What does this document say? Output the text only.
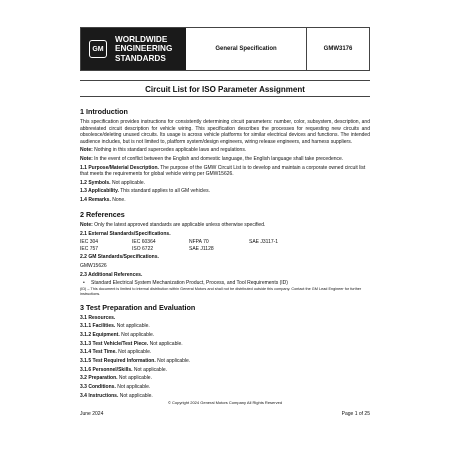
GM
WORLDWIDE
ENGINEERING
STANDARDS
General Specification	GMW3176
Circuit List for ISO Parameter Assignment

1 Introduction

This specification provides instructions for consistently determining circuit parameters: number, color, subsystem, description, and abbreviated circuit description for vehicle wiring. This specification describes the processes for requesting new circuits and obsolesce/deleting unused circuits. Its usage is across vehicle platforms for similar electrical devices and functions. The intended audience includes, but is not limited to, platform system/design engineers, wiring release engineers, and harness suppliers.

Note: Nothing in this standard supercedes applicable laws and regulations.

Note: In the event of conflict between the English and domestic language, the English language shall take precedence.

1.1 Purpose/Material Description. The purpose of the GMW Circuit List is to develop and maintain a corporate owned circuit list that meets the requirements for global vehicle wiring per GMW15626.

1.2 Symbols. Not applicable.

1.3 Applicability. This standard applies to all GM vehicles.

1.4 Remarks. None.

2 References

Note: Only the latest approved standards are applicable unless otherwise specified.

2.1 External Standards/Specifications.

IEC 304	IEC 60364	NFPA 70	SAE J3117-1
IEC 757	ISO 6722	SAE J1128

2.2 GM Standards/Specifications.

GMW15626

2.3 Additional References.

•	Standard Electrical System Mechanization Product, Process, and Tool Requirements (ID)

(ID) – This document is limited to internal distribution within General Motors and shall not be distributed outside this company. Contact the GM Lead Engineer for further instructions.

3 Test Preparation and Evaluation

3.1 Resources.

3.1.1 Facilities. Not applicable.

3.1.2 Equipment. Not applicable.

3.1.3 Test Vehicle/Test Piece. Not applicable.

3.1.4 Test Time. Not applicable.

3.1.5 Test Required Information. Not applicable.

3.1.6 Personnel/Skills. Not applicable.

3.2 Preparation. Not applicable.

3.3 Conditions. Not applicable.

3.4 Instructions. Not applicable.

© Copyright 2024 General Motors Company All Rights Reserved
June 2024	Page 1 of 25
